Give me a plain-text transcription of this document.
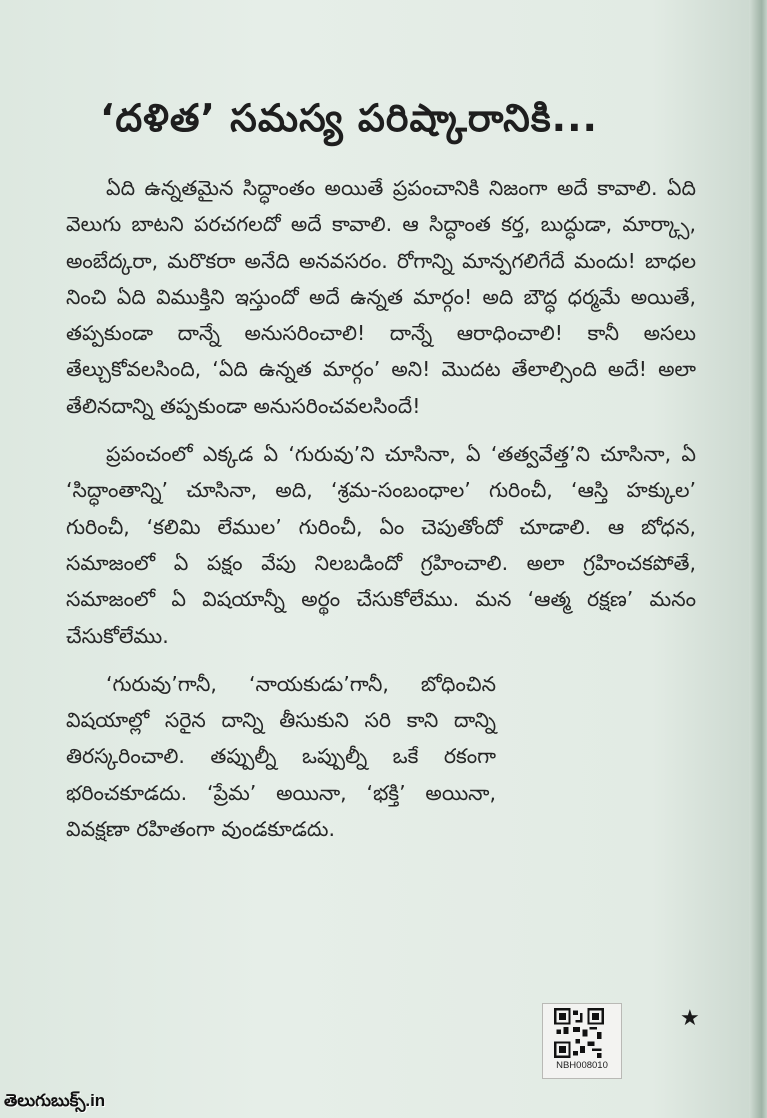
‘దళిత’ సమస్య పరిష్కారానికి...

ఏది ఉన్నతమైన సిద్ధాంతం అయితే ప్రపంచానికి నిజంగా అదే కావాలి. ఏది వెలుగు బాటని పరచగలదో అదే కావాలి. ఆ సిద్ధాంత కర్త, బుద్ధుడా, మార్క్సా, అంబేద్కరా, మరొకరా అనేది అనవసరం. రోగాన్ని మాన్పగలిగేదే మందు! బాధల నించి ఏది విముక్తిని ఇస్తుందో అదే ఉన్నత మార్గం! అది బౌద్ధ ధర్మమే అయితే, తప్పకుండా దాన్నే అనుసరించాలి! దాన్నే ఆరాధించాలి! కానీ అసలు తేల్చుకోవలసింది, ‘ఏది ఉన్నత మార్గం’ అని! మొదట తేలాల్సింది అదే! అలా తేలినదాన్ని తప్పకుండా అనుసరించవలసిందే!

ప్రపంచంలో ఎక్కడ ఏ ‘గురువు’ని చూసినా, ఏ ‘తత్వవేత్త’ని చూసినా, ఏ ‘సిద్ధాంతాన్ని’ చూసినా, అది, ‘శ్రమ-సంబంధాల’ గురించీ, ‘ఆస్తి హక్కుల’ గురించీ, ‘కలిమి లేముల’ గురించీ, ఏం చెపుతోందో చూడాలి. ఆ బోధన, సమాజంలో ఏ పక్షం వేపు నిలబడిందో గ్రహించాలి. అలా గ్రహించకపోతే, సమాజంలో ఏ విషయాన్నీ అర్థం చేసుకోలేము. మన ‘ఆత్మ రక్షణ’ మనం చేసుకోలేము.

‘గురువు’గానీ, ‘నాయకుడు’గానీ, బోధించిన విషయాల్లో సరైన దాన్ని తీసుకుని సరి కాని దాన్ని తిరస్కరించాలి. తప్పుల్నీ ఒప్పుల్నీ ఒకే రకంగా భరించకూడదు. ‘ప్రేమ’ అయినా, ‘భక్తి’ అయినా, వివక్షణా రహితంగా వుండకూడదు.

★
NBH008010
తెలుగుబుక్స్.in
